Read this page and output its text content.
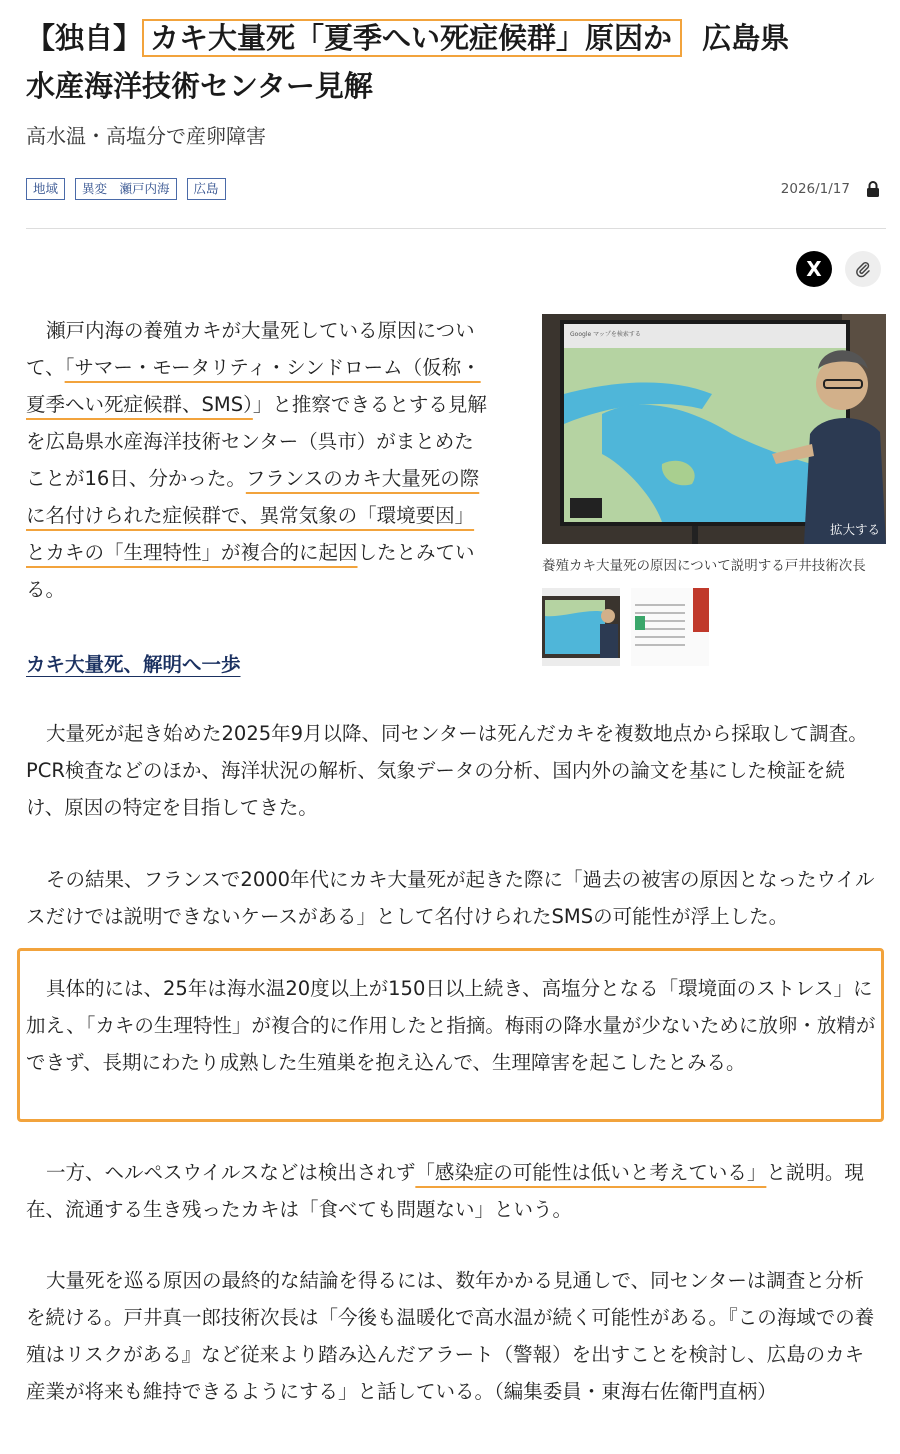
【独自】 カキ大量死「夏季へい死症候群」原因か 広島県
水産海洋技術センター見解
高水温・高塩分で産卵障害
地域	異変　瀬戸内海	広島	2026/1/17
X
瀬戸内海の養殖カキが大量死している原因について、「サマー・モータリティ・シンドローム（仮称・夏季へい死症候群、SMS）」と推察できるとする見解を広島県水産海洋技術センター（呉市）がまとめたことが16日、分かった。フランスのカキ大量死の際に名付けられた症候群で、異常気象の「環境要因」とカキの「生理特性」が複合的に起因したとみている。
Google マップを検索する
拡大する
養殖カキ大量死の原因について説明する戸井技術次長
カキ大量死、解明へ一歩
大量死が起き始めた2025年9月以降、同センターは死んだカキを複数地点から採取して調査。PCR検査などのほか、海洋状況の解析、気象データの分析、国内外の論文を基にした検証を続け、原因の特定を目指してきた。
その結果、フランスで2000年代にカキ大量死が起きた際に「過去の被害の原因となったウイルスだけでは説明できないケースがある」として名付けられたSMSの可能性が浮上した。
具体的には、25年は海水温20度以上が150日以上続き、高塩分となる「環境面のストレス」に加え、「カキの生理特性」が複合的に作用したと指摘。梅雨の降水量が少ないために放卵・放精ができず、長期にわたり成熟した生殖巣を抱え込んで、生理障害を起こしたとみる。
一方、ヘルペスウイルスなどは検出されず「感染症の可能性は低いと考えている」と説明。現在、流通する生き残ったカキは「食べても問題ない」という。
大量死を巡る原因の最終的な結論を得るには、数年かかる見通しで、同センターは調査と分析を続ける。戸井真一郎技術次長は「今後も温暖化で高水温が続く可能性がある。『この海域での養殖はリスクがある』など従来より踏み込んだアラート（警報）を出すことを検討し、広島のカキ産業が将来も維持できるようにする」と話している。（編集委員・東海右佐衛門直柄）
